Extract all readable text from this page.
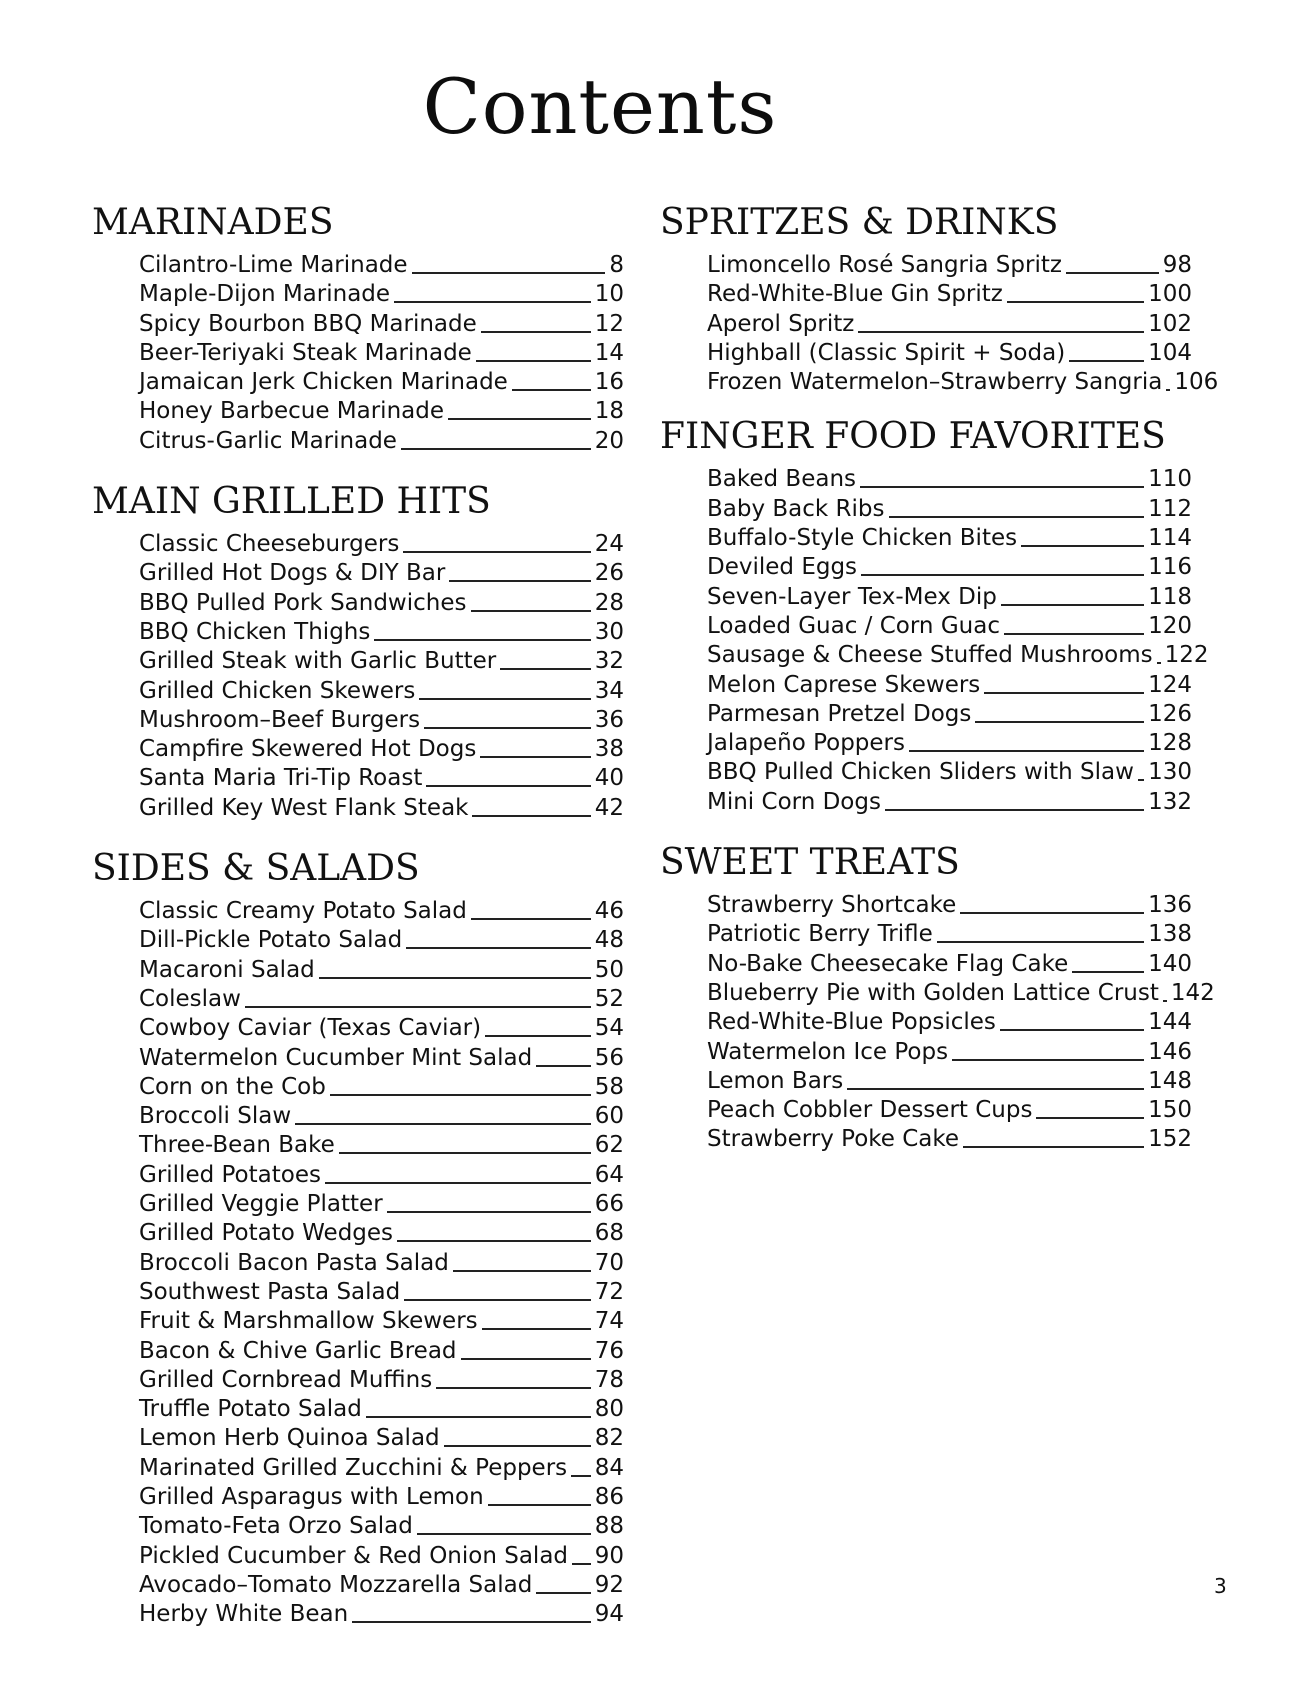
Contents
MARINADES
Cilantro-Lime Marinade	8
Maple-Dijon Marinade	10
Spicy Bourbon BBQ Marinade	12
Beer-Teriyaki Steak Marinade	14
Jamaican Jerk Chicken Marinade	16
Honey Barbecue Marinade	18
Citrus-Garlic Marinade	20
MAIN GRILLED HITS
Classic Cheeseburgers	24
Grilled Hot Dogs & DIY Bar	26
BBQ Pulled Pork Sandwiches	28
BBQ Chicken Thighs	30
Grilled Steak with Garlic Butter	32
Grilled Chicken Skewers	34
Mushroom–Beef Burgers	36
Campfire Skewered Hot Dogs	38
Santa Maria Tri-Tip Roast	40
Grilled Key West Flank Steak	42
SIDES & SALADS
Classic Creamy Potato Salad	46
Dill-Pickle Potato Salad	48
Macaroni Salad	50
Coleslaw	52
Cowboy Caviar (Texas Caviar)	54
Watermelon Cucumber Mint Salad	56
Corn on the Cob	58
Broccoli Slaw	60
Three-Bean Bake	62
Grilled Potatoes	64
Grilled Veggie Platter	66
Grilled Potato Wedges	68
Broccoli Bacon Pasta Salad	70
Southwest Pasta Salad	72
Fruit & Marshmallow Skewers	74
Bacon & Chive Garlic Bread	76
Grilled Cornbread Muffins	78
Truffle Potato Salad	80
Lemon Herb Quinoa Salad	82
Marinated Grilled Zucchini & Peppers 84
Grilled Asparagus with Lemon	86
Tomato-Feta Orzo Salad	88
Pickled Cucumber & Red Onion Salad 90
Avocado–Tomato Mozzarella Salad	92
Herby White Bean	94
SPRITZES & DRINKS
Limoncello Rosé Sangria Spritz	98
Red-White-Blue Gin Spritz	100
Aperol Spritz	102
Highball (Classic Spirit + Soda)	104
Frozen Watermelon–Strawberry Sangria 106
FINGER FOOD FAVORITES
Baked Beans	110
Baby Back Ribs	112
Buffalo-Style Chicken Bites	114
Deviled Eggs	116
Seven-Layer Tex-Mex Dip	118
Loaded Guac / Corn Guac	120
Sausage & Cheese Stuffed Mushrooms 122
Melon Caprese Skewers	124
Parmesan Pretzel Dogs	126
Jalapeño Poppers	128
BBQ Pulled Chicken Sliders with Slaw 130
Mini Corn Dogs	132
SWEET TREATS
Strawberry Shortcake	136
Patriotic Berry Trifle	138
No-Bake Cheesecake Flag Cake	140
Blueberry Pie with Golden Lattice Crust 142
Red-White-Blue Popsicles	144
Watermelon Ice Pops	146
Lemon Bars	148
Peach Cobbler Dessert Cups	150
Strawberry Poke Cake	152
3
